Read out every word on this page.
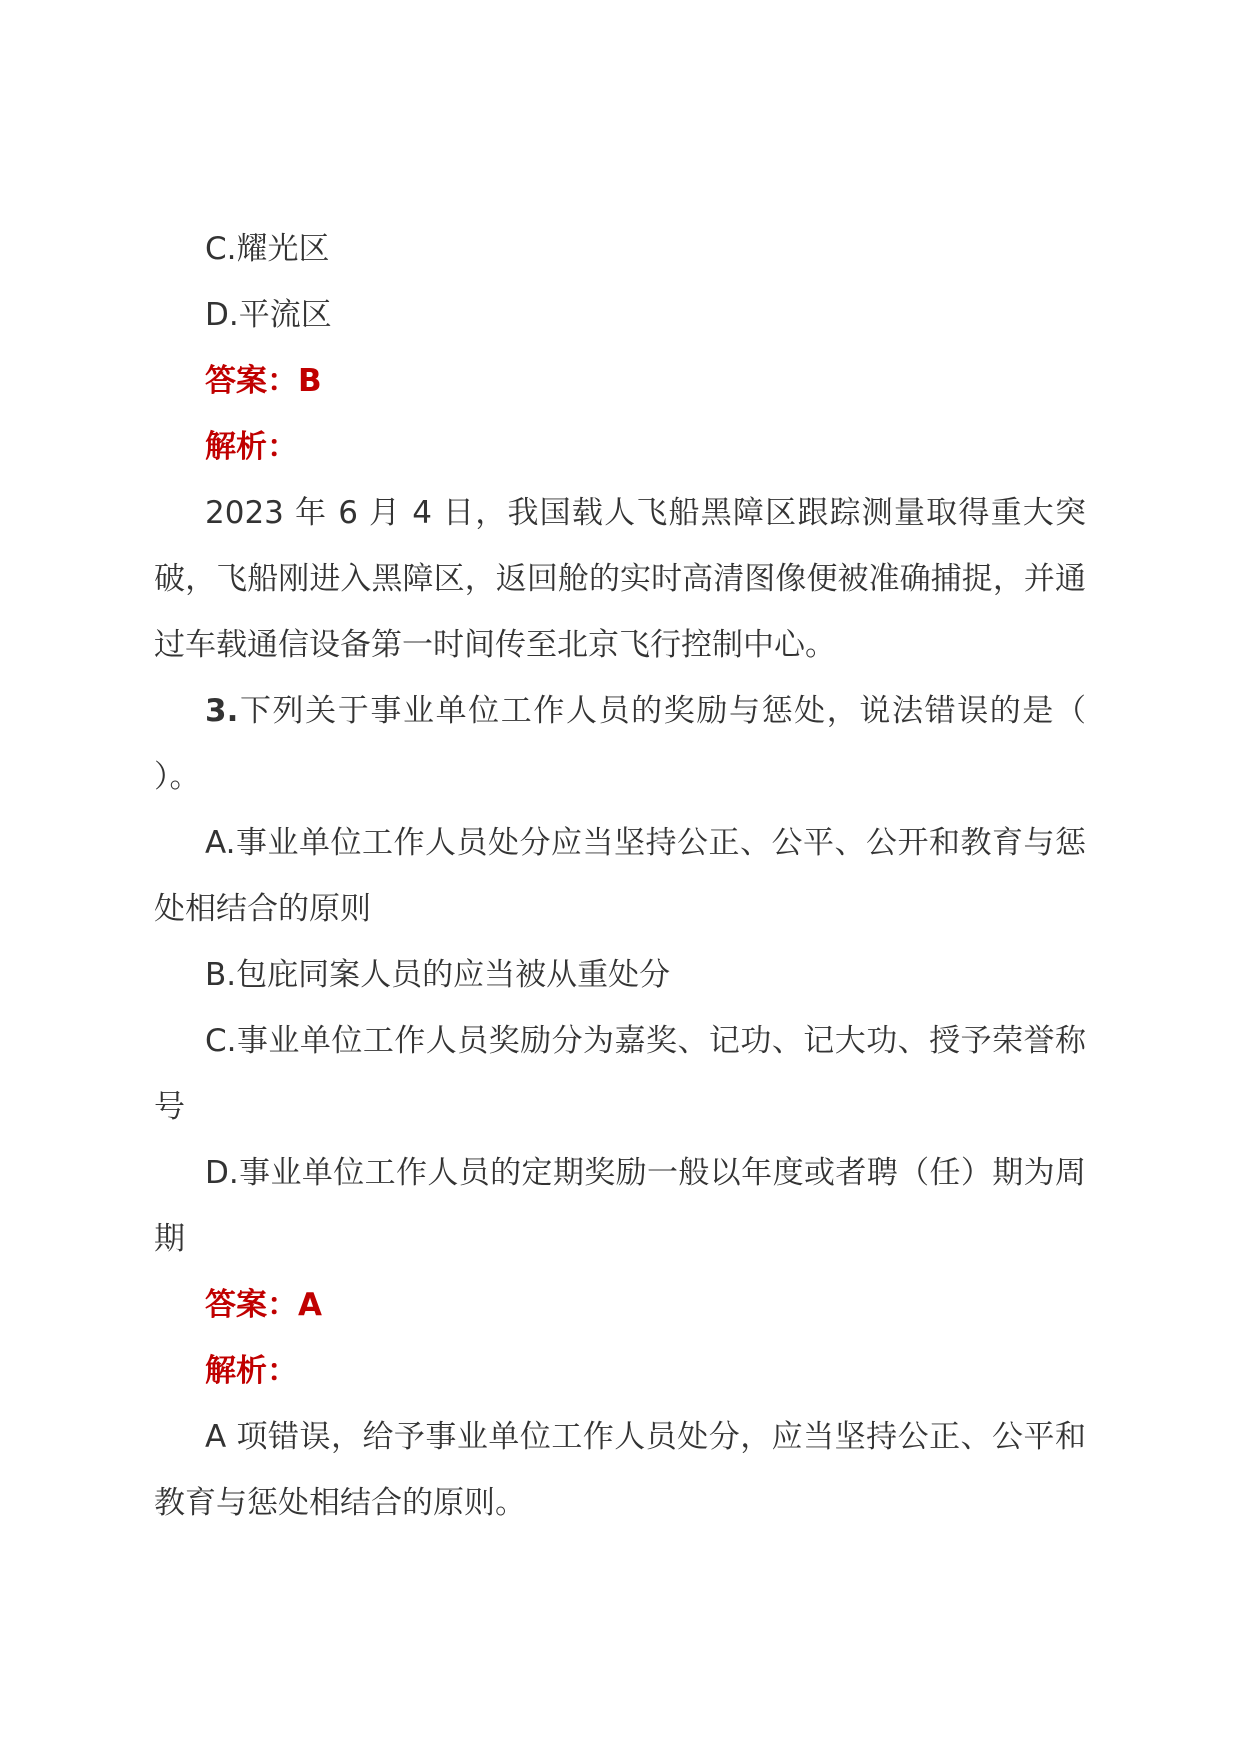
C.耀光区

D.平流区

答案：B

解析：

2023 年 6 月 4 日，我国载人飞船黑障区跟踪测量取得重大突破，飞船刚进入黑障区，返回舱的实时高清图像便被准确捕捉，并通过车载通信设备第一时间传至北京飞行控制中心。

3.下列关于事业单位工作人员的奖励与惩处，说法错误的是（ ）。

A.事业单位工作人员处分应当坚持公正、公平、公开和教育与惩处相结合的原则

B.包庇同案人员的应当被从重处分

C.事业单位工作人员奖励分为嘉奖、记功、记大功、授予荣誉称号

D.事业单位工作人员的定期奖励一般以年度或者聘（任）期为周期

答案：A

解析：

A 项错误，给予事业单位工作人员处分，应当坚持公正、公平和教育与惩处相结合的原则。
